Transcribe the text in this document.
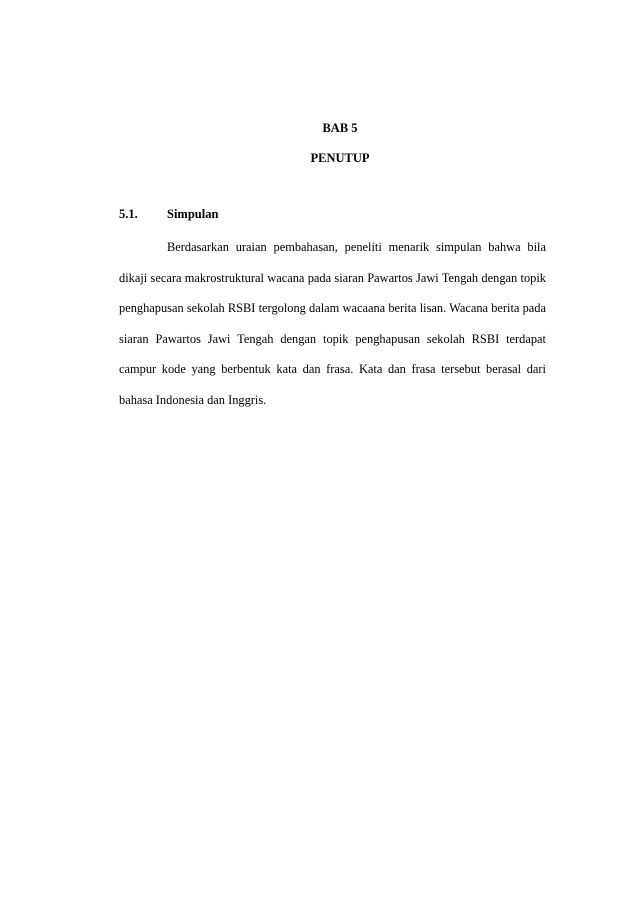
BAB 5
PENUTUP
5.1. Simpulan

Berdasarkan uraian pembahasan, peneliti menarik simpulan bahwa bila dikaji secara makrostruktural wacana pada siaran Pawartos Jawi Tengah dengan topik penghapusan sekolah RSBI tergolong dalam wacaana berita lisan. Wacana berita pada siaran Pawartos Jawi Tengah dengan topik penghapusan sekolah RSBI terdapat campur kode yang berbentuk kata dan frasa. Kata dan frasa tersebut berasal dari bahasa Indonesia dan Inggris.
